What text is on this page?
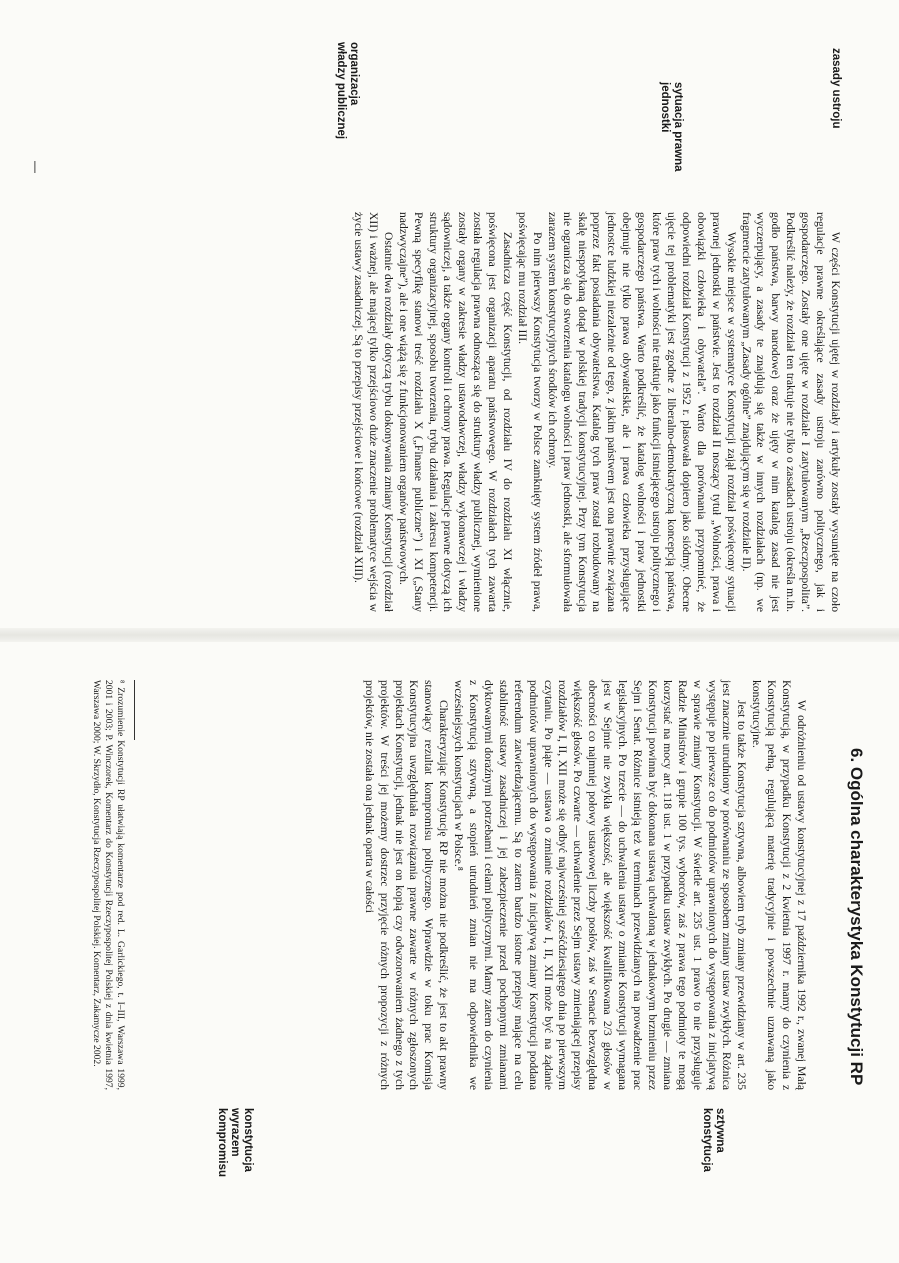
zasady ustroju
sytuacja prawna jednostki
organizacja władzy publicznej

W części Konstytucji ujętej w rozdziały i artykuły zostały wysunięte na czoło regulacje prawne określające zasady ustroju zarówno politycznego, jak i gospodarczego. Zostały one ujęte w rozdziale I zatytułowanym „Rzeczpospolita”. Podkreślić należy, że rozdział ten traktuje nie tylko o zasadach ustroju (określa m.in. godło państwa, barwy narodowe) oraz że ujęty w nim katalog zasad nie jest wyczerpujący, a zasady te znajdują się także w innych rozdziałach (np. we fragmencie zatytułowanym „Zasady ogólne” znajdującym się w rozdziale II).

Wysokie miejsce w systematyce Konstytucji zajął rozdział poświęcony sytuacji prawnej jednostki w państwie. Jest to rozdział II noszący tytuł „Wolności, prawa i obowiązki człowieka i obywatela”. Warto dla porównania przypomnieć, że odpowiedni rozdział Konstytucji z 1952 r. plasowała dopiero jako siódmy. Obecne ujęcie tej problematyki jest zgodne z liberalno-demokratyczną koncepcją państwa, które praw tych i wolności nie traktuje jako funkcji istniejącego ustroju politycznego i gospodarczego państwa. Warto podkreślić, że katalog wolności i praw jednostki obejmuje nie tylko prawa obywatelskie, ale i prawa człowieka przysługujące jednostce ludzkiej niezależnie od tego, z jakim państwem jest ona prawnie związana poprzez fakt posiadania obywatelstwa. Katalog tych praw został rozbudowany na skalę niespotykaną dotąd w polskiej tradycji konstytucyjnej. Przy tym Konstytucja nie ogranicza się do stworzenia katalogu wolności i praw jednostki, ale sformułowała zarazem system konstytucyjnych środków ich ochrony.

Po nim pierwszy Konstytucja tworzy w Polsce zamknięty system źródeł prawa, poświęcając mu rozdział III.

Zasadnicza część Konstytucji, od rozdziału IV do rozdziału XI włącznie, poświęcona jest organizacji aparatu państwowego. W rozdziałach tych zawarta została regulacja prawna odnosząca się do struktury władzy publicznej, wymienione zostały organy w zakresie władzy ustawodawczej, władzy wykonawczej i władzy sądowniczej, a także organy kontroli i ochrony prawa. Regulacje prawne dotyczą ich struktury organizacyjnej, sposobu tworzenia, trybu działania i zakresu kompetencji. Pewną specyfikę stanowi treść rozdziału X („Finanse publiczne”) i XI („Stany nadzwyczajne”), ale i one wiążą się z funkcjonowaniem organów państwowych.

Ostatnie dwa rozdziały dotyczą trybu dokonywania zmiany Konstytucji (rozdział XII) i ważnej, ale mającej tylko przejściowo duże znaczenie problematyce wejścia w życie ustawy zasadniczej. Są to przepisy przejściowe i końcowe (rozdział XIII).

—
6. Ogólna charakterystyka Konstytucji RP

W odróżnieniu od ustawy konstytucyjnej z 17 października 1992 r., zwanej Małą Konstytucją, w przypadku Konstytucji z 2 kwietnia 1997 r. mamy do czynienia z Konstytucją pełną, regulującą materię tradycyjnie i powszechnie uznawaną jako konstytucyjne.

Jest to także Konstytucja sztywna, albowiem tryb zmiany przewidziany w art. 235 jest znacznie utrudniony w porównaniu ze sposobem zmiany ustaw zwykłych. Różnica występuje po pierwsze co do podmiotów uprawnionych do występowania z inicjatywą w sprawie zmiany Konstytucji. W świetle art. 235 ust. 1 prawo to nie przysługuje Radzie Ministrów i grupie 100 tys. wyborców, zaś z prawa tego podmioty te mogą korzystać na mocy art. 118 ust. 1 w przypadku ustaw zwykłych. Po drugie — zmiana Konstytucji powinna być dokonana ustawą uchwaloną w jednakowym brzmieniu przez Sejm i Senat. Różnice istnieją też w terminach przewidzianych na prowadzenie prac legislacyjnych. Po trzecie — do uchwalenia ustawy o zmianie Konstytucji wymagana jest w Sejmie nie zwykła większość, ale większość kwalifikowana 2/3 głosów w obecności co najmniej połowy ustawowej liczby posłów, zaś w Senacie bezwzględna większość głosów. Po czwarte — uchwalenie przez Sejm ustawy zmieniającej przepisy rozdziałów I, II, XII może się odbyć najwcześniej sześćdziesiątego dnia po pierwszym czytaniu. Po piąte — ustawa o zmianie rozdziałów I, II, XII może być na żądanie podmiotów uprawnionych do występowania z inicjatywą zmiany Konstytucji poddana referendum zatwierdzającemu. Są to zatem bardzo istotne przepisy mające na celu stabilność ustawy zasadniczej i jej zabezpieczenie przed pochopnymi zmianami dyktowanymi doraźnymi potrzebami i celami politycznymi. Mamy zatem do czynienia z Konstytucją sztywną, a stopień utrudnień zmian nie ma odpowiednika we wcześniejszych konstytucjach w Polsce.⁸

Charakteryzując Konstytucję RP nie można nie podkreślić, że jest to akt prawny stanowiący rezultat kompromisu politycznego. Wprawdzie w toku prac Komisja Konstytucyjna uwzględniała rozwiązania prawne zawarte w różnych zgłoszonych projektach Konstytucji, jednak nie jest on kopią czy odwzorowaniem żadnego z tych projektów. W treści jej możemy dostrzec przyjęcie różnych propozycji z różnych projektów, nie została ona jednak oparta w całości

⁸ Zrozumienie Konstytucji RP ułatwiają komentarze pod red. L. Garlickiego, t. I–III, Warszawa 1999, 2001 i 2003; P. Winczorek, Komentarz do Konstytucji Rzeczypospolitej Polskiej z dnia kwietnia 1997, Warszawa 2000; W. Skrzydło, Konstytucja Rzeczypospolitej Polskiej. Komentarz, Zakamycze 2002.
sztywna konstytucja
konstytucja wyrazem kompromisu
